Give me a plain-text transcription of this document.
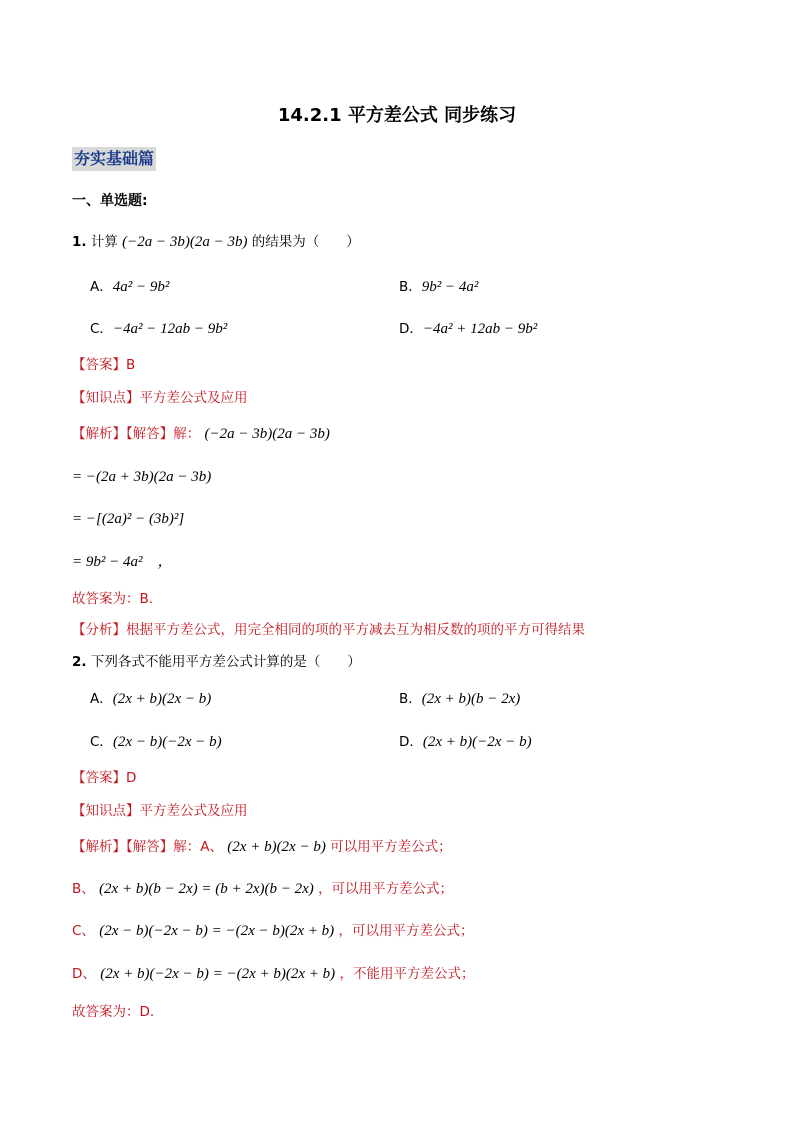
14.2.1 平方差公式 同步练习
夯实基础篇
一、单选题:
1. 计算 (−2a − 3b)(2a − 3b) 的结果为（　　）
A．4a² − 9b²	B．9b² − 4a²
C．−4a² − 12ab − 9b²	D．−4a² + 12ab − 9b²
【答案】B
【知识点】平方差公式及应用
【解析】【解答】解： (−2a − 3b)(2a − 3b)
= −(2a + 3b)(2a − 3b)
= −[(2a)² − (3b)²]
= 9b² − 4a²　，
故答案为：B.
【分析】根据平方差公式，用完全相同的项的平方减去互为相反数的项的平方可得结果
2. 下列各式不能用平方差公式计算的是（　　）
A．(2x + b)(2x − b)	B．(2x + b)(b − 2x)
C．(2x − b)(−2x − b)	D．(2x + b)(−2x − b)
【答案】D
【知识点】平方差公式及应用
【解析】【解答】解：A、 (2x + b)(2x − b) 可以用平方差公式；
B、 (2x + b)(b − 2x) = (b + 2x)(b − 2x) ，可以用平方差公式；
C、 (2x − b)(−2x − b) = −(2x − b)(2x + b) ，可以用平方差公式；
D、 (2x + b)(−2x − b) = −(2x + b)(2x + b) ，不能用平方差公式；
故答案为：D.
